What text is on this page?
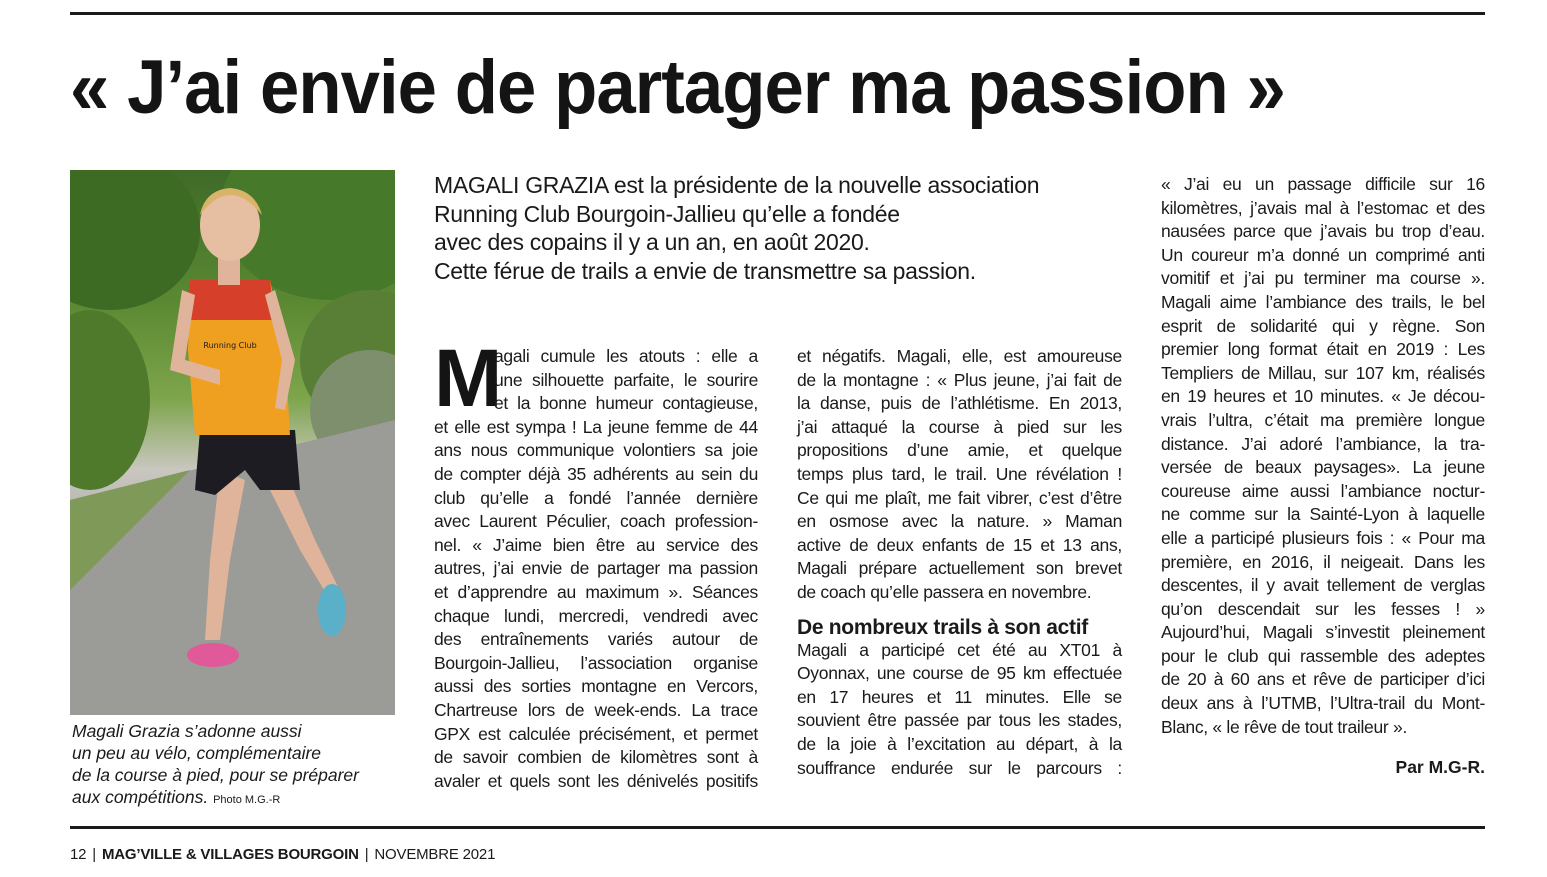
« J’ai envie de partager ma passion »
Running Club
Magali Grazia s’adonne aussi
un peu au vélo, complémentaire
de la course à pied, pour se préparer
aux compétitions. Photo M.G.-R
MAGALI GRAZIA est la présidente de la nouvelle association
Running Club Bourgoin-Jallieu qu’elle a fondée
avec des copains il y a un an, en août 2020.
Cette férue de trails a envie de transmettre sa passion.
M
agali cumule les atouts : elle a
une silhouette parfaite, le sourire
et la bonne humeur contagieuse,
et elle est sympa ! La jeune femme de 44
ans nous communique volontiers sa joie
de compter déjà 35 adhérents au sein du
club qu’elle a fondé l’année dernière
avec Laurent Péculier, coach profession-
nel. « J’aime bien être au service des
autres, j’ai envie de partager ma passion
et d’apprendre au maximum ». Séances
chaque lundi, mercredi, vendredi avec
des entraînements variés autour de
Bourgoin-Jallieu, l’association organise
aussi des sorties montagne en Vercors,
Chartreuse lors de week-ends. La trace
GPX est calculée précisément, et permet
de savoir combien de kilomètres sont à
avaler et quels sont les dénivelés positifs
et négatifs. Magali, elle, est amoureuse
de la montagne : « Plus jeune, j’ai fait de
la danse, puis de l’athlétisme. En 2013,
j’ai attaqué la course à pied sur les
propositions d’une amie, et quelque
temps plus tard, le trail. Une révélation !
Ce qui me plaît, me fait vibrer, c’est d’être
en osmose avec la nature. » Maman
active de deux enfants de 15 et 13 ans,
Magali prépare actuellement son brevet
de coach qu’elle passera en novembre.
De nombreux trails à son actif
Magali a participé cet été au XT01 à
Oyonnax, une course de 95 km effectuée
en 17 heures et 11 minutes. Elle se
souvient être passée par tous les stades,
de la joie à l’excitation au départ, à la
souffrance endurée sur le parcours :
« J’ai eu un passage difficile sur 16
kilomètres, j’avais mal à l’estomac et des
nausées parce que j’avais bu trop d’eau.
Un coureur m’a donné un comprimé anti
vomitif et j’ai pu terminer ma course ».
Magali aime l’ambiance des trails, le bel
esprit de solidarité qui y règne. Son
premier long format était en 2019 : Les
Templiers de Millau, sur 107 km, réalisés
en 19 heures et 10 minutes. « Je décou-
vrais l’ultra, c’était ma première longue
distance. J’ai adoré l’ambiance, la tra-
versée de beaux paysages». La jeune
coureuse aime aussi l’ambiance noctur-
ne comme sur la Sainté-Lyon à laquelle
elle a participé plusieurs fois : « Pour ma
première, en 2016, il neigeait. Dans les
descentes, il y avait tellement de verglas
qu’on descendait sur les fesses ! »
Aujourd’hui, Magali s’investit pleinement
pour le club qui rassemble des adeptes
de 20 à 60 ans et rêve de participer d’ici
deux ans à l’UTMB, l’Ultra-trail du Mont-
Blanc, « le rêve de tout traileur ».
Par M.G-R.
12 | MAG’VILLE & VILLAGES BOURGOIN | NOVEMBRE 2021
